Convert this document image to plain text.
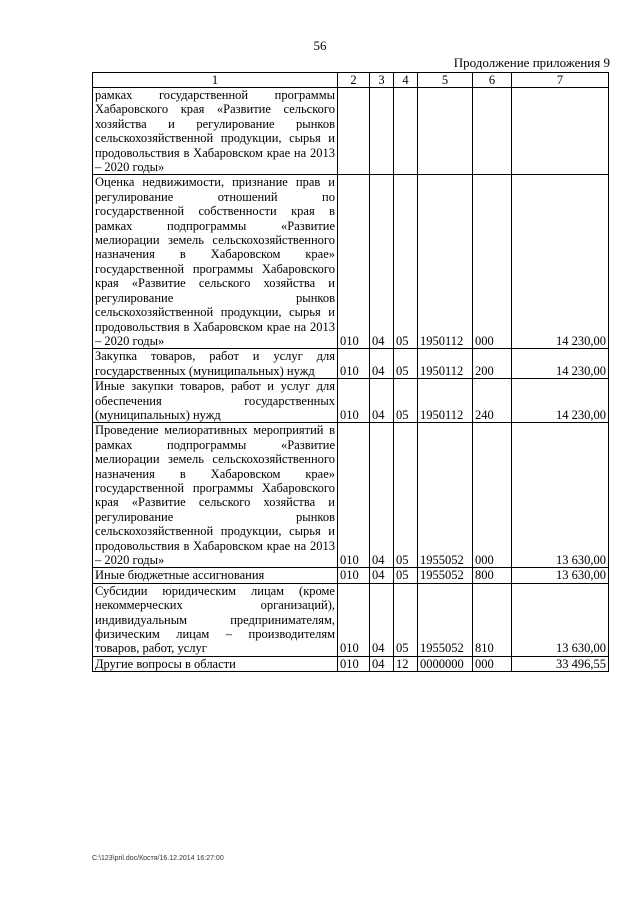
56
Продолжение приложения 9
1	2	3	4	5	6	7
рамках государственной программы Хабаровского края «Развитие сельского хозяйства и регулирование рынков сельскохозяйственной продукции, сырья и продовольствия в Хабаровском крае на 2013 – 2020 годы»						
Оценка недвижимости, признание прав и регулирование отношений по государственной собственности края в рамках подпрограммы «Развитие мелиорации земель сельскохозяйственного назначения в Хабаровском крае» государственной программы Хабаровского края «Развитие сельского хозяйства и регулирование рынков сельскохозяйственной продукции, сырья и продовольствия в Хабаровском крае на 2013 – 2020 годы»	010	04	05	1950112	000	14 230,00
Закупка товаров, работ и услуг для государственных (муниципальных) нужд	010	04	05	1950112	200	14 230,00
Иные закупки товаров, работ и услуг для обеспечения государственных (муниципальных) нужд	010	04	05	1950112	240	14 230,00
Проведение мелиоративных мероприятий в рамках подпрограммы «Развитие мелиорации земель сельскохозяйственного назначения в Хабаровском крае» государственной программы Хабаровского края «Развитие сельского хозяйства и регулирование рынков сельскохозяйственной продукции, сырья и продовольствия в Хабаровском крае на 2013 – 2020 годы»	010	04	05	1955052	000	13 630,00
Иные бюджетные ассигнования	010	04	05	1955052	800	13 630,00
Субсидии юридическим лицам (кроме некоммерческих организаций), индивидуальным предпринимателям, физическим лицам – производителям товаров, работ, услуг	010	04	05	1955052	810	13 630,00
Другие вопросы в области	010	04	12	0000000	000	33 496,55
C:\123\pril.doc/Костя/16.12.2014 16:27:00
